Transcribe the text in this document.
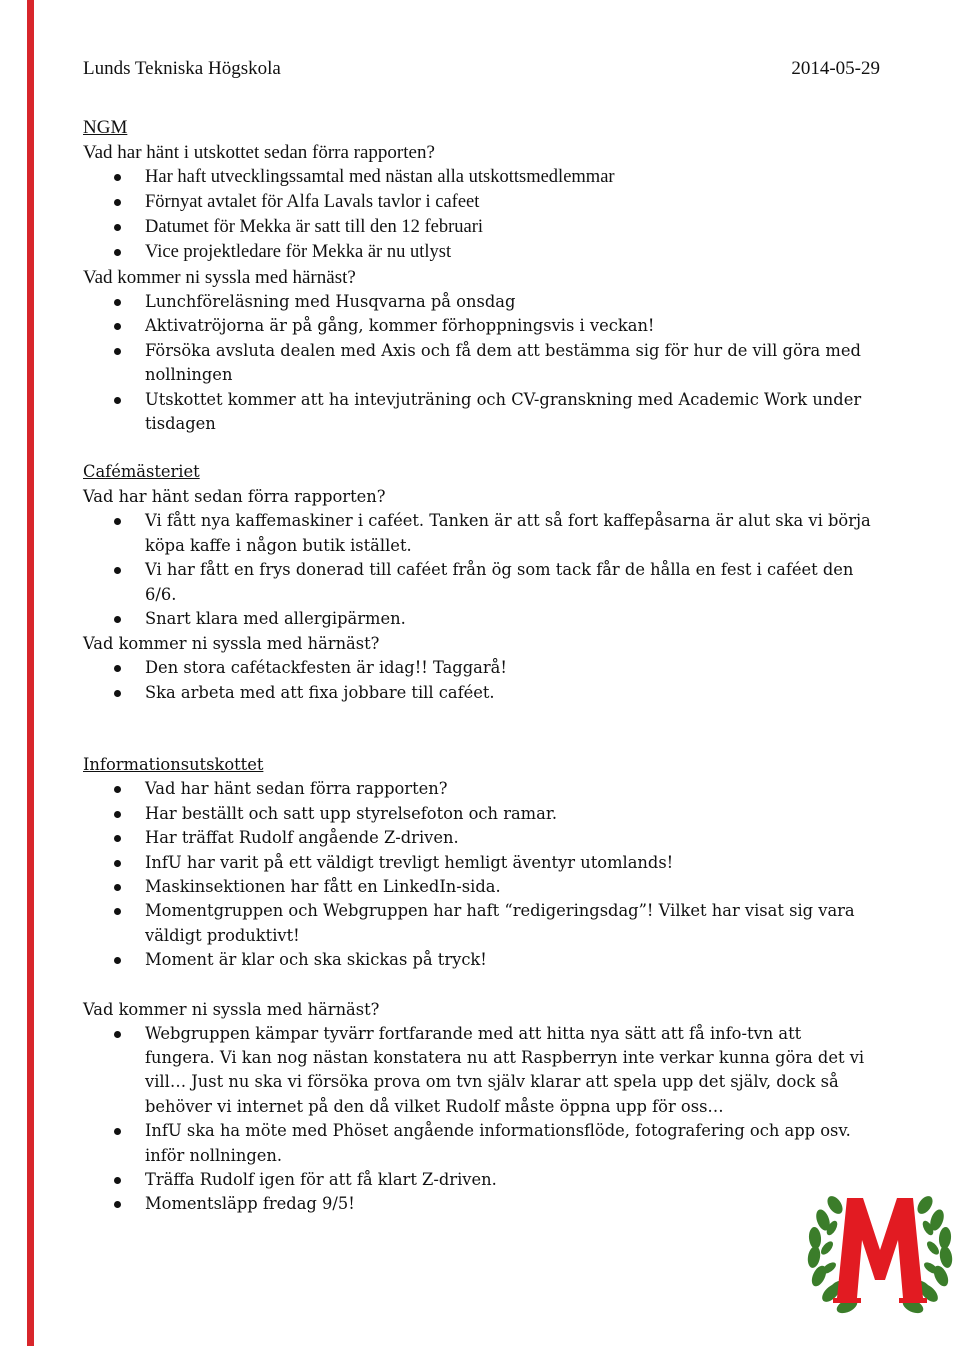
Lunds Tekniska Högskola	2014-05-29

NGM

Vad har hänt i utskottet sedan förra rapporten?

Har haft utvecklingssamtal med nästan alla utskottsmedlemmar
Förnyat avtalet för Alfa Lavals tavlor i cafeet
Datumet för Mekka är satt till den 12 februari
Vice projektledare för Mekka är nu utlyst

Vad kommer ni syssla med härnäst?

Lunchföreläsning med Husqvarna på onsdag
Aktivatröjorna är på gång, kommer förhoppningsvis i veckan!
Försöka avsluta dealen med Axis och få dem att bestämma sig för hur de vill göra med nollningen
Utskottet kommer att ha intevjuträning och CV-granskning med Academic Work under tisdagen

Cafémästeriet

Vad har hänt sedan förra rapporten?

Vi fått nya kaffemaskiner i caféet. Tanken är att så fort kaffepåsarna är alut ska vi börja köpa kaffe i någon butik istället.
Vi har fått en frys donerad till caféet från ög som tack får de hålla en fest i caféet den 6/6.
Snart klara med allergipärmen.

Vad kommer ni syssla med härnäst?

Den stora cafétackfesten är idag!! Taggarå!
Ska arbeta med att fixa jobbare till caféet.

Informationsutskottet

Vad har hänt sedan förra rapporten?
Har beställt och satt upp styrelsefoton och ramar.
Har träffat Rudolf angående Z-driven.
InfU har varit på ett väldigt trevligt hemligt äventyr utomlands!
Maskinsektionen har fått en LinkedIn-sida.
Momentgruppen och Webgruppen har haft “redigeringsdag”! Vilket har visat sig vara väldigt produktivt!
Moment är klar och ska skickas på tryck!

Vad kommer ni syssla med härnäst?

Webgruppen kämpar tyvärr fortfarande med att hitta nya sätt att få info-tvn att fungera. Vi kan nog nästan konstatera nu att Raspberryn inte verkar kunna göra det vi vill… Just nu ska vi försöka prova om tvn själv klarar att spela upp det själv, dock så behöver vi internet på den då vilket Rudolf måste öppna upp för oss…
InfU ska ha möte med Phöset angående informationsflöde, fotografering och app osv. inför nollningen.
Träffa Rudolf igen för att få klart Z-driven.
Momentsläpp fredag 9/5!
